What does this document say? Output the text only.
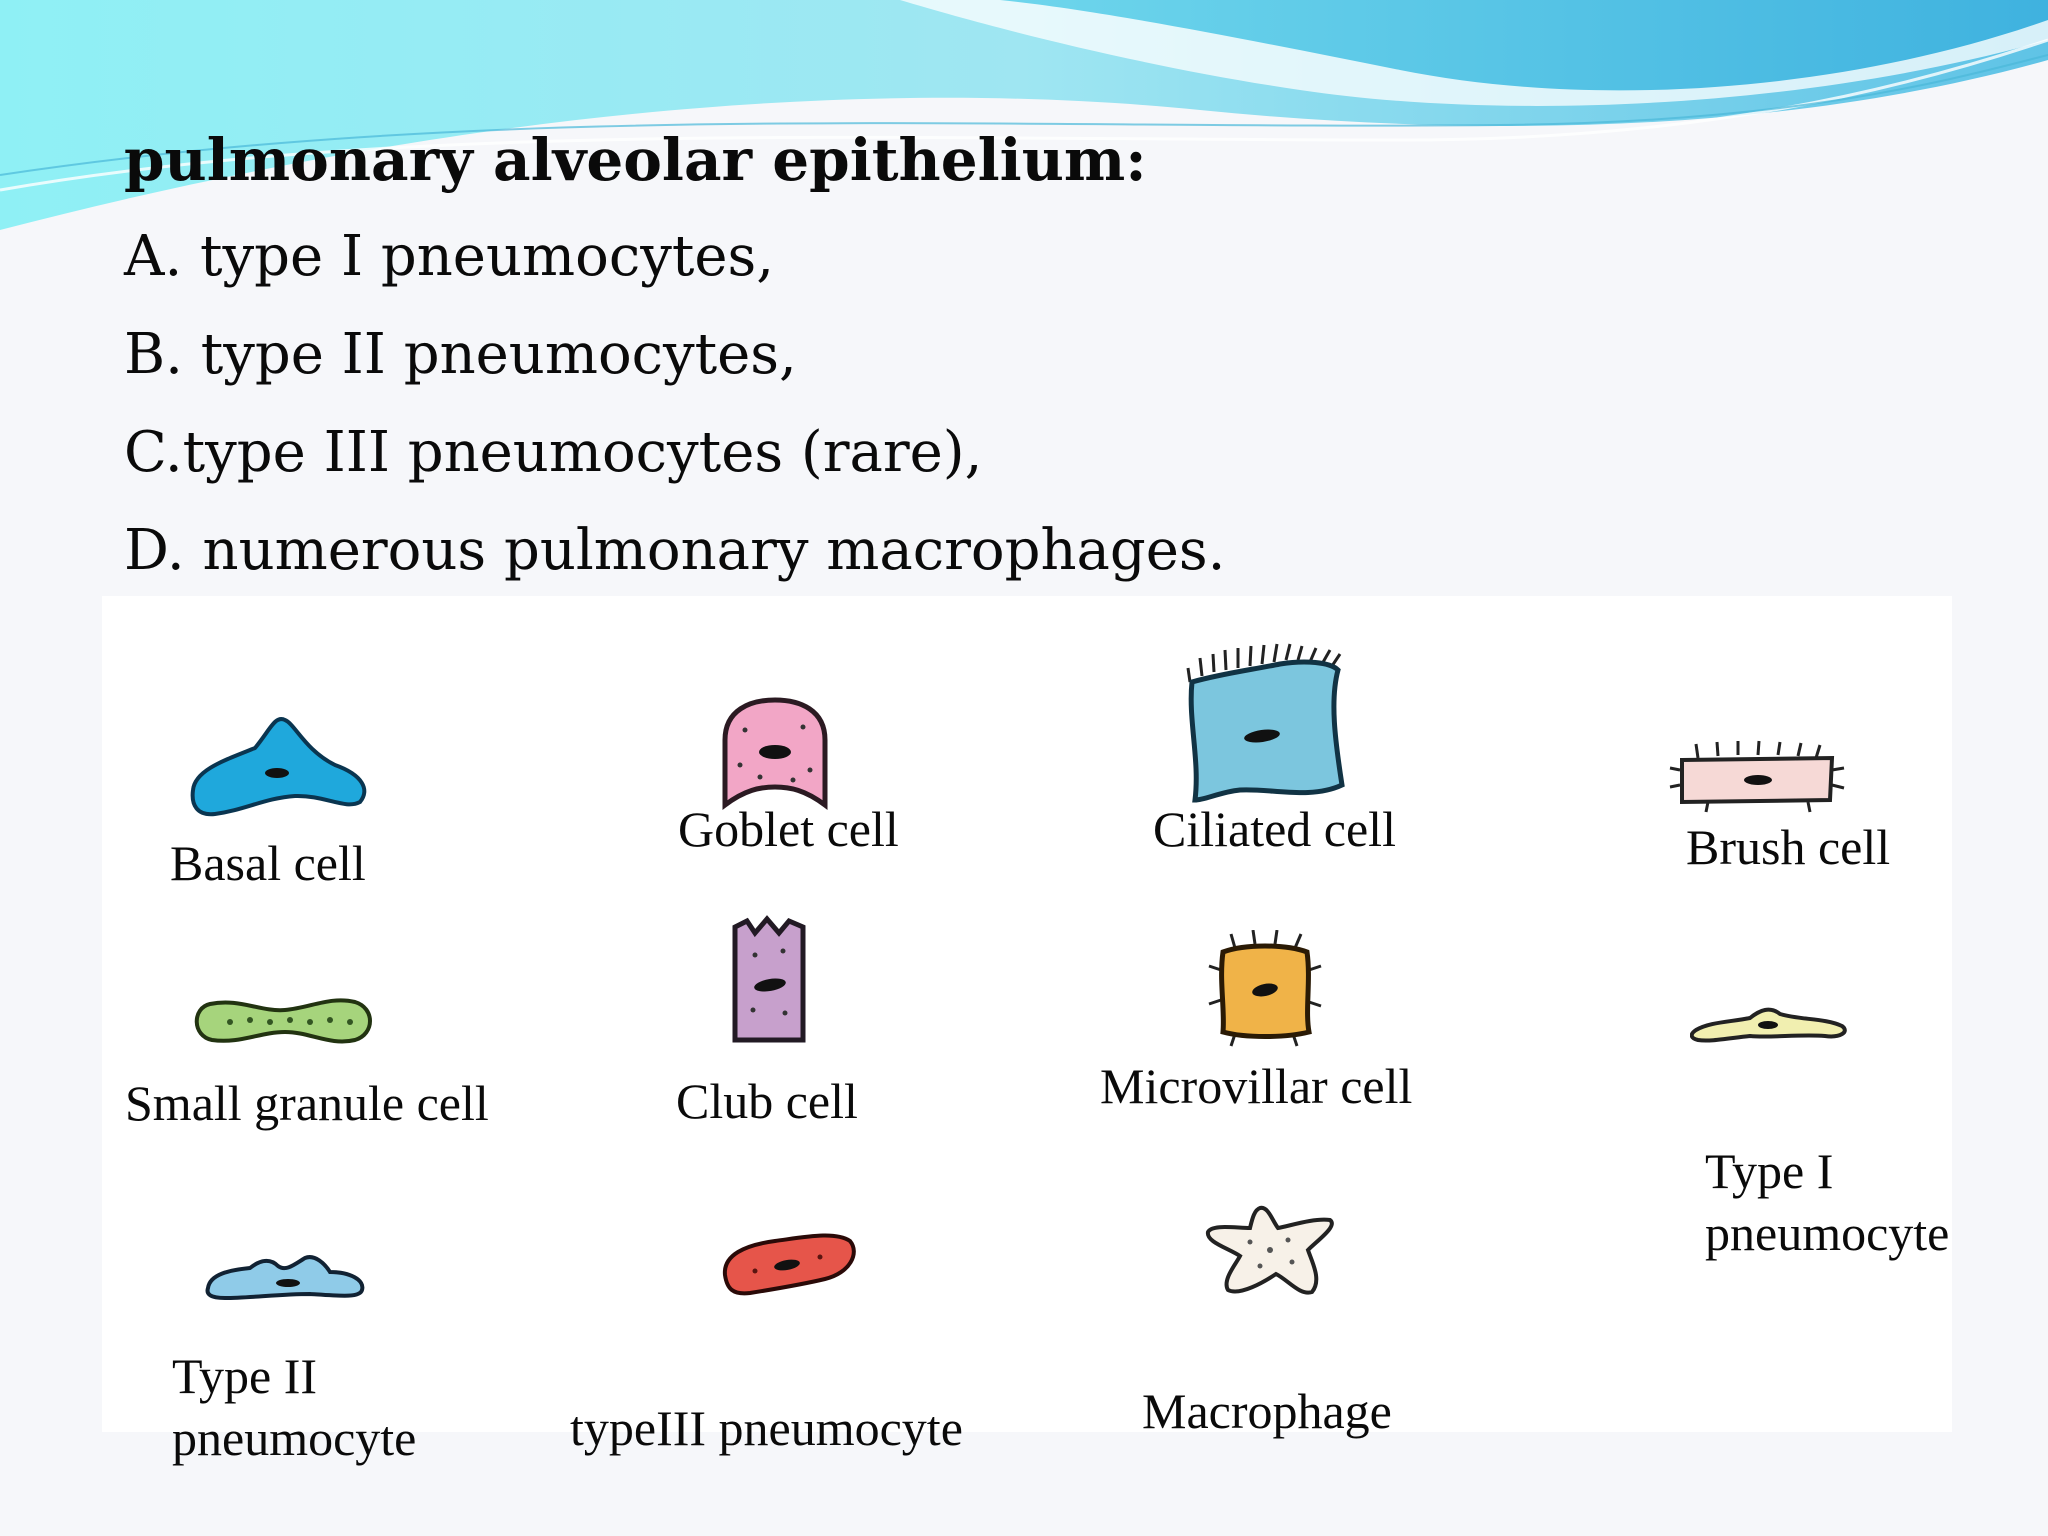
pulmonary alveolar epithelium:
A. type I pneumocytes,
B. type II pneumocytes,
C.type III pneumocytes (rare),
D. numerous pulmonary macrophages.
Basal cell
Goblet cell	Ciliated cell	Brush cell
Small granule cell	Club cell	Microvillar cell
Type I
pneumocyte
Type II
pneumocyte	typeIII pneumocyte	Macrophage
